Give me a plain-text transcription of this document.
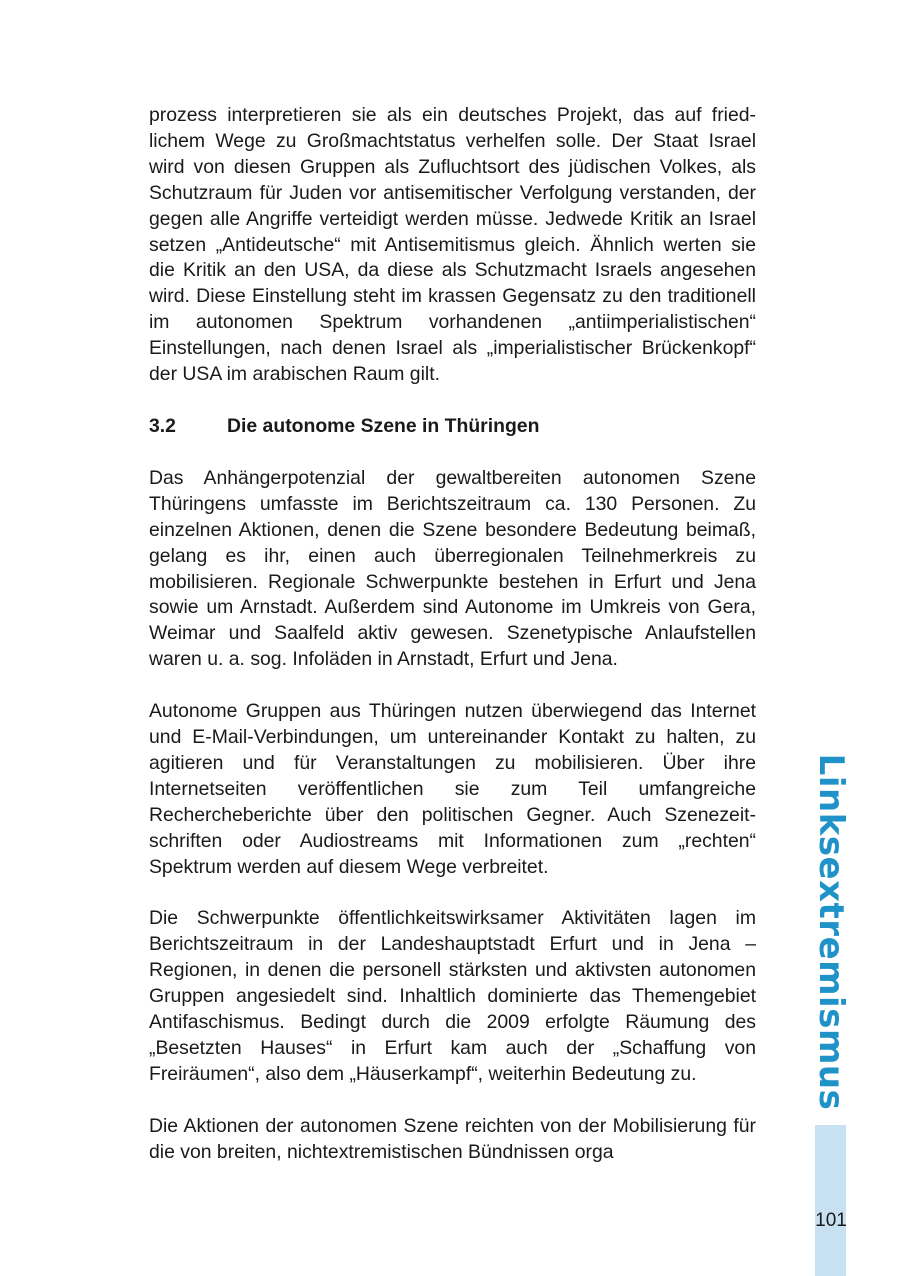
prozess interpretieren sie als ein deutsches Projekt, das auf friedlichem Wege zu Großmachtstatus verhelfen solle. Der Staat Israel wird von diesen Gruppen als Zufluchtsort des jüdischen Volkes, als Schutzraum für Juden vor antisemitischer Verfolgung verstanden, der gegen alle Angriffe verteidigt werden müsse. Jedwede Kritik an Israel setzen „Antideutsche“ mit Antisemitismus gleich. Ähnlich werten sie die Kritik an den USA, da diese als Schutzmacht Israels angesehen wird. Diese Einstellung steht im krassen Gegensatz zu den traditionell im autonomen Spektrum vorhandenen „antiimperialistischen“ Einstellungen, nach denen Israel als „imperialistischer Brückenkopf“ der USA im arabischen Raum gilt.

3.2	Die autonome Szene in Thüringen

Das Anhängerpotenzial der gewaltbereiten autonomen Szene Thüringens umfasste im Berichtszeitraum ca. 130 Personen. Zu einzelnen Aktionen, denen die Szene besondere Bedeutung beimaß, gelang es ihr, einen auch überregionalen Teilnehmerkreis zu mobilisieren. Regionale Schwerpunkte bestehen in Erfurt und Jena sowie um Arnstadt. Außerdem sind Autonome im Umkreis von Gera, Weimar und Saalfeld aktiv gewesen. Szenetypische Anlaufstellen waren u. a. sog. Infoläden in Arnstadt, Erfurt und Jena.

Autonome Gruppen aus Thüringen nutzen überwiegend das Internet und E-Mail-Verbindungen, um untereinander Kontakt zu halten, zu agitieren und für Veranstaltungen zu mobilisieren. Über ihre Internetseiten veröffentlichen sie zum Teil umfangreiche Rechercheberichte über den politischen Gegner. Auch Szenezeitschriften oder Audiostreams mit Informationen zum „rechten“ Spektrum werden auf diesem Wege verbreitet.

Die Schwerpunkte öffentlichkeitswirksamer Aktivitäten lagen im Berichtszeitraum in der Landeshauptstadt Erfurt und in Jena – Regionen, in denen die personell stärksten und aktivsten autonomen Gruppen angesiedelt sind. Inhaltlich dominierte das Themengebiet Antifaschismus. Bedingt durch die 2009 erfolgte Räumung des „Besetzten Hauses“ in Erfurt kam auch der „Schaffung von Freiräumen“, also dem „Häuserkampf“, weiterhin Bedeutung zu.

Die Aktionen der autonomen Szene reichten von der Mobilisierung für die von breiten, nichtextremistischen Bündnissen orga

Linksextremismus
101
